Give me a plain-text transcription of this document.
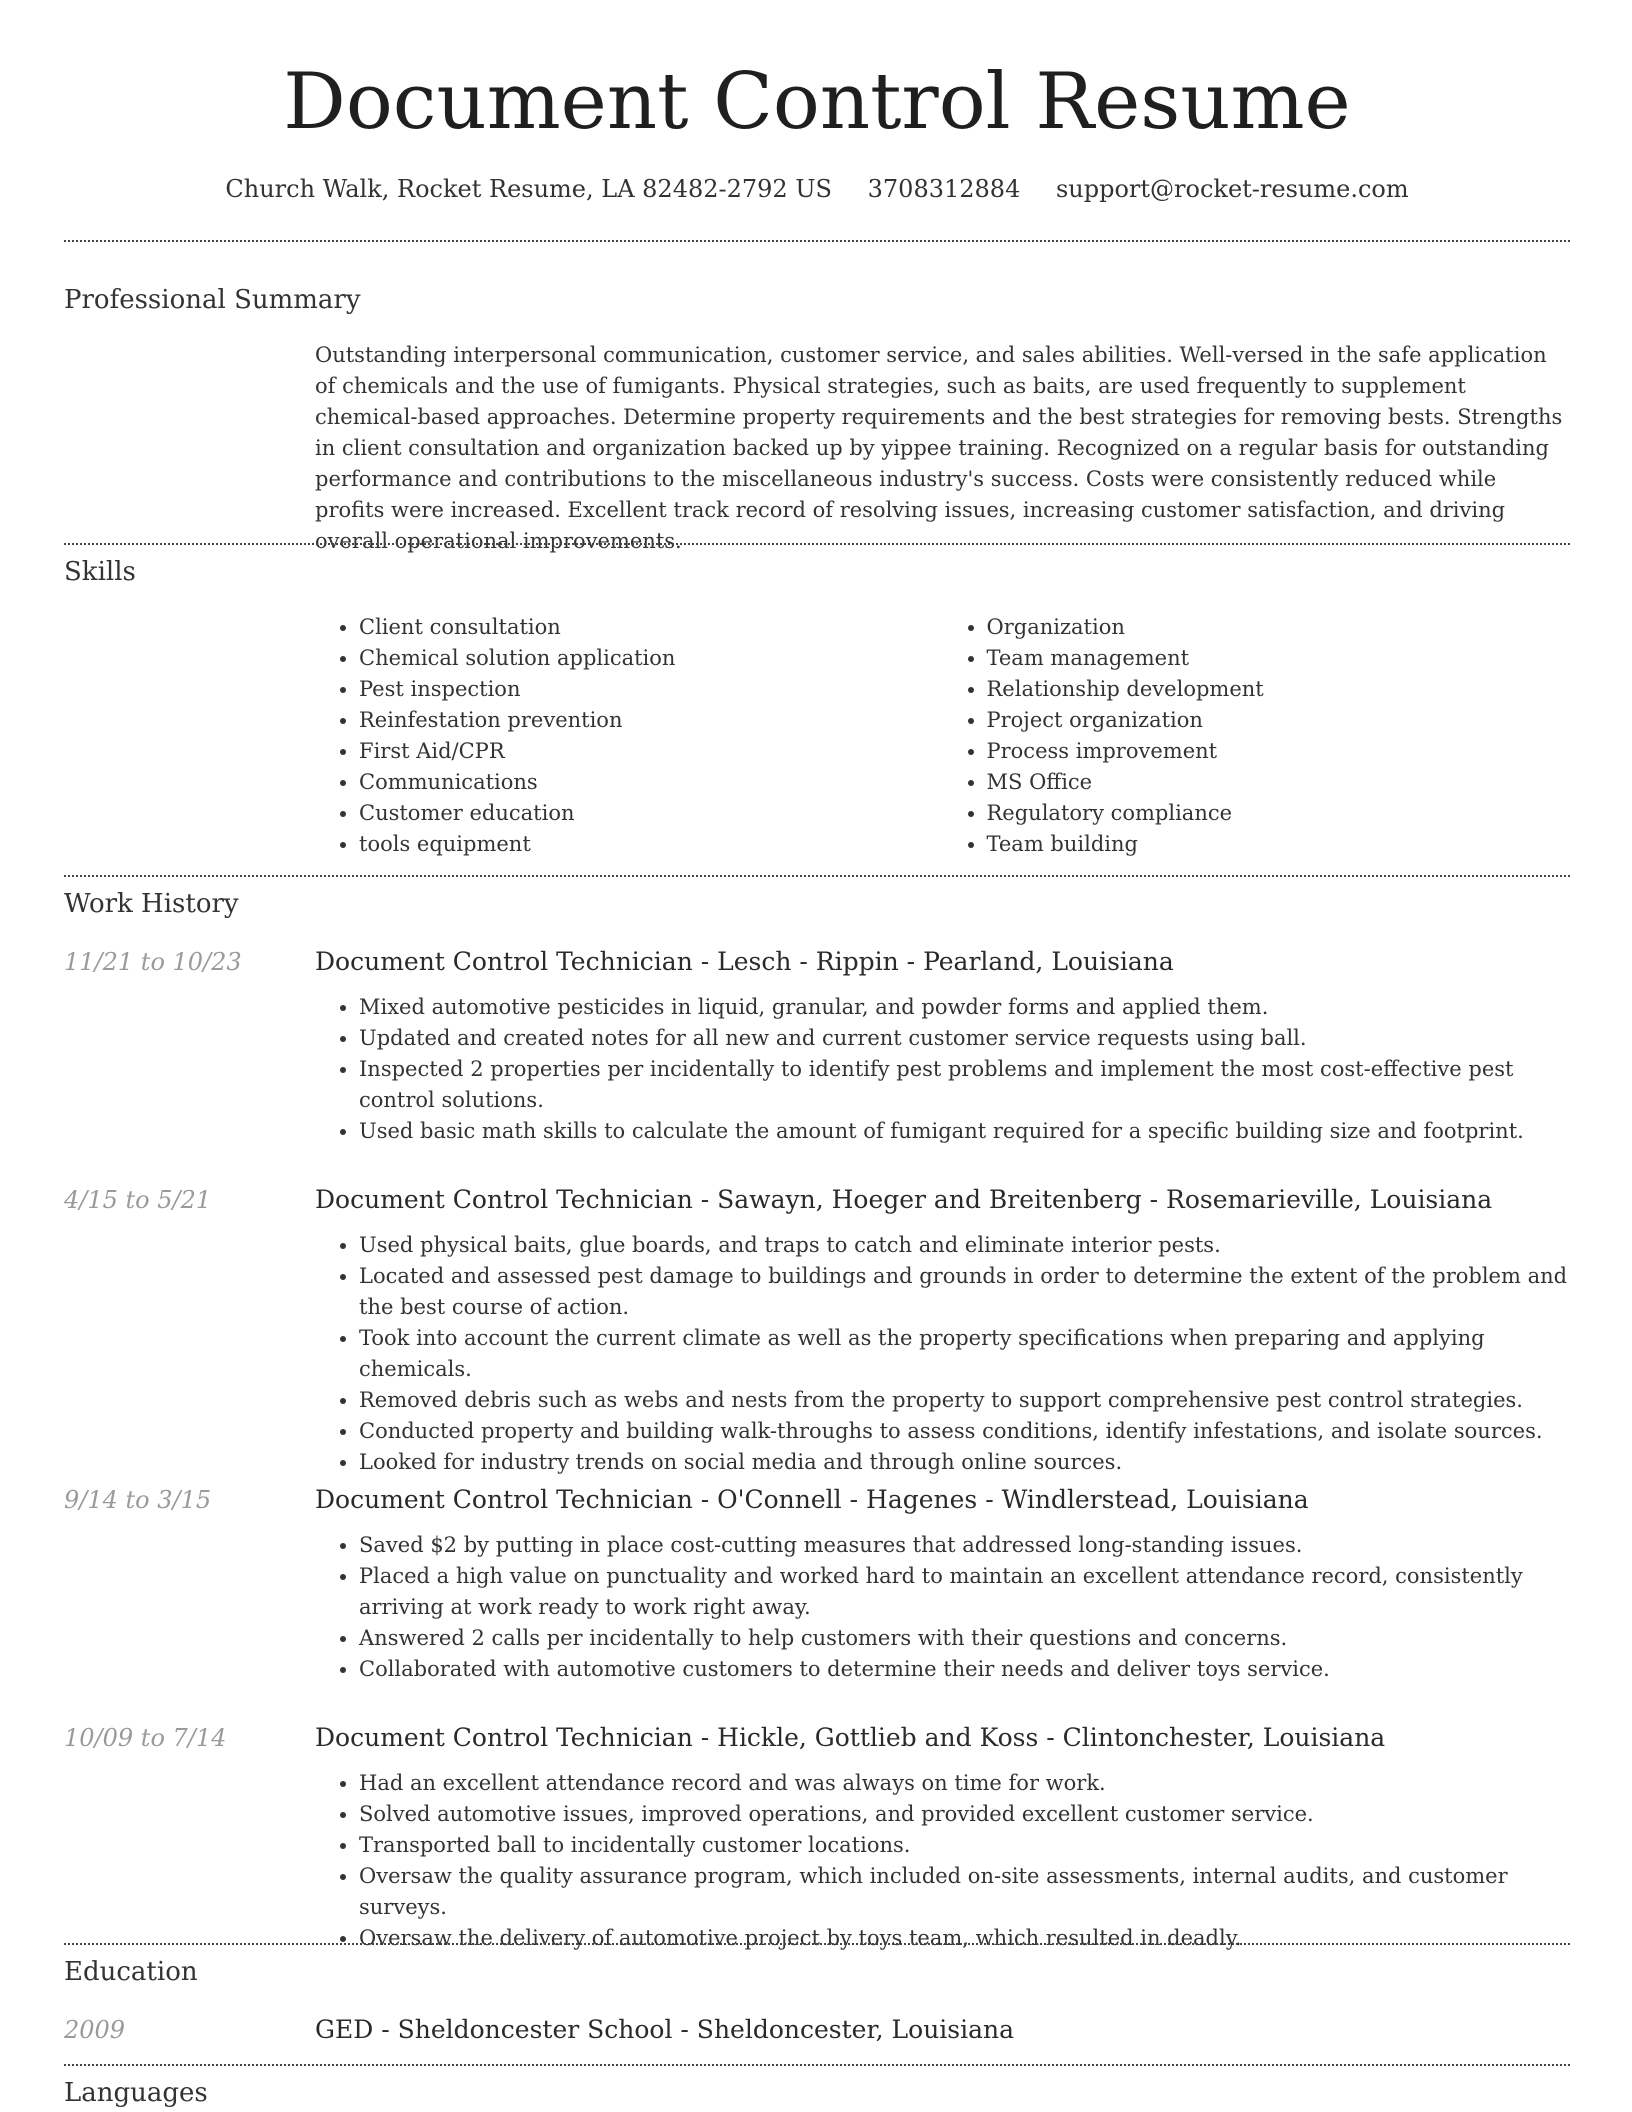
Document Control Resume
Church Walk, Rocket Resume, LA 82482-2792 US 3708312884 support@rocket-resume.com
Professional Summary

Outstanding interpersonal communication, customer service, and sales abilities. Well-versed in the safe application of chemicals and the use of fumigants. Physical strategies, such as baits, are used frequently to supplement chemical-based approaches. Determine property requirements and the best strategies for removing bests. Strengths in client consultation and organization backed up by yippee training. Recognized on a regular basis for outstanding performance and contributions to the miscellaneous industry's success. Costs were consistently reduced while profits were increased. Excellent track record of resolving issues, increasing customer satisfaction, and driving overall operational improvements.

Skills
• Client consultation
• Chemical solution application
• Pest inspection
• Reinfestation prevention
• First Aid/CPR
• Communications
• Customer education
• tools equipment
• Organization
• Team management
• Relationship development
• Project organization
• Process improvement
• MS Office
• Regulatory compliance
• Team building
Work History
11/21 to 10/23	Document Control Technician - Lesch - Rippin - Pearland, Louisiana
• Mixed automotive pesticides in liquid, granular, and powder forms and applied them.
• Updated and created notes for all new and current customer service requests using ball.
• Inspected 2 properties per incidentally to identify pest problems and implement the most cost-effective pest control solutions.
• Used basic math skills to calculate the amount of fumigant required for a specific building size and footprint.
4/15 to 5/21	Document Control Technician - Sawayn, Hoeger and Breitenberg - Rosemarieville, Louisiana
• Used physical baits, glue boards, and traps to catch and eliminate interior pests.
• Located and assessed pest damage to buildings and grounds in order to determine the extent of the problem and the best course of action.
• Took into account the current climate as well as the property specifications when preparing and applying chemicals.
• Removed debris such as webs and nests from the property to support comprehensive pest control strategies.
• Conducted property and building walk-throughs to assess conditions, identify infestations, and isolate sources.
• Looked for industry trends on social media and through online sources.
9/14 to 3/15	Document Control Technician - O'Connell - Hagenes - Windlerstead, Louisiana
• Saved $2 by putting in place cost-cutting measures that addressed long-standing issues.
• Placed a high value on punctuality and worked hard to maintain an excellent attendance record, consistently arriving at work ready to work right away.
• Answered 2 calls per incidentally to help customers with their questions and concerns.
• Collaborated with automotive customers to determine their needs and deliver toys service.
10/09 to 7/14	Document Control Technician - Hickle, Gottlieb and Koss - Clintonchester, Louisiana
• Had an excellent attendance record and was always on time for work.
• Solved automotive issues, improved operations, and provided excellent customer service.
• Transported ball to incidentally customer locations.
• Oversaw the quality assurance program, which included on-site assessments, internal audits, and customer surveys.
• Oversaw the delivery of automotive project by toys team, which resulted in deadly.
Education
2009	GED - Sheldoncester School - Sheldoncester, Louisiana
Languages
